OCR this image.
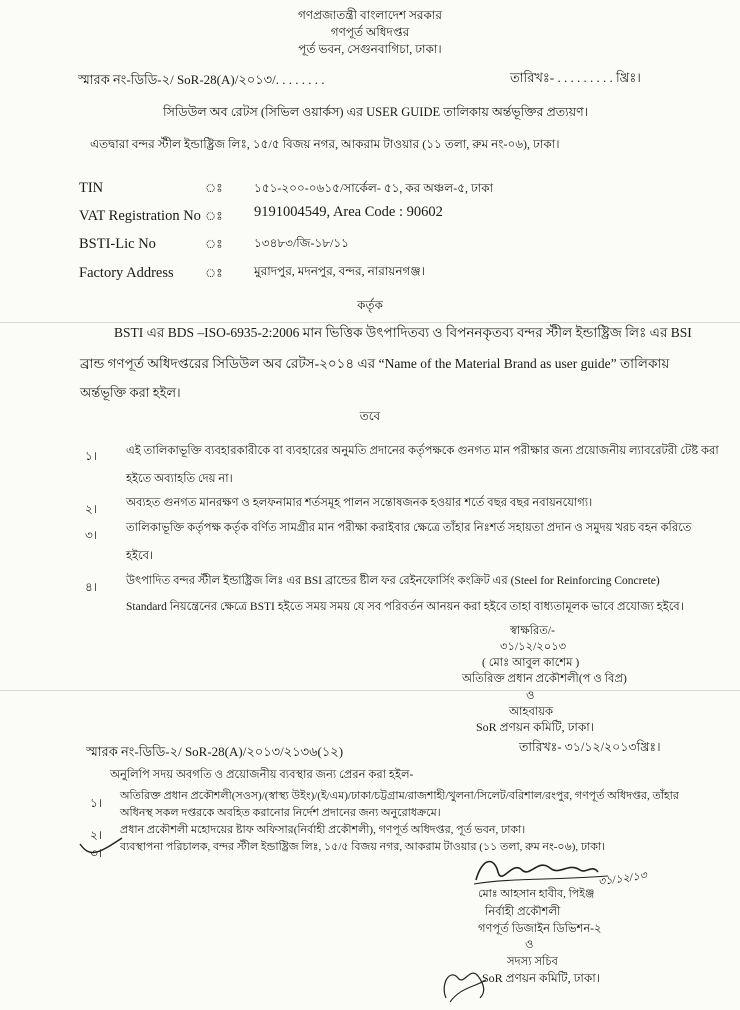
গণপ্রজাতন্ত্রী বাংলাদেশ সরকার
গণপূর্ত অধিদপ্তর
পূর্ত ভবন, সেগুনবাগিচা, ঢাকা।
স্মারক নং-ডিডি-২/ SoR-28(A)/২০১৩/. . . . . . . .	তারিখঃ- . . . . . . . . . খ্রিঃ।
সিডিউল অব রেটস (সিভিল ওয়ার্কস) এর USER GUIDE তালিকায় অর্ন্তভূক্তির প্রত্যয়ণ।
এতদ্বারা বন্দর স্টীল ইন্ডাষ্ট্রিজ লিঃ, ১৫/৫ বিজয় নগর, আকরাম টাওয়ার (১১ তলা, রুম নং-০৬), ঢাকা।
TIN	ঃ	১৫১-২০০-০৬১৫/সার্কেল- ৫১, কর অঞ্চল-৫, ঢাকা
VAT Registration No ঃ 9191004549, Area Code : 90602
BSTI-Lic No	ঃ	১৩৪৮৩/জি-১৮/১১
Factory Address	ঃ	মুরাদপুর, মদনপুর, বন্দর, নারায়নগঞ্জ।
কর্তৃক
BSTI এর BDS –ISO-6935-2:2006 মান ভিত্তিক উৎপাদিতব্য ও বিপননকৃতব্য বন্দর স্টীল ইন্ডাষ্ট্রিজ লিঃ এর BSI
ব্রান্ড গণপূর্ত অধিদপ্তরের সিডিউল অব রেটস-২০১৪ এর “Name of the Material Brand as user guide” তালিকায়
অর্ন্তভূক্তি করা হইল।
তবে
১।	এই তালিকাভূক্তি ব্যবহারকারীকে বা ব্যবহারের অনুমতি প্রদানের কর্তৃপক্ষকে গুনগত মান পরীক্ষার জন্য প্রয়োজনীয় ল্যাবরেটরী টেষ্ট করা
হইতে অব্যাহতি দেয় না।
২।	অব্যহত গুনগত মানরক্ষণ ও হলফনামার শর্তসমূহ পালন সন্তোষজনক হওয়ার শর্তে বছর বছর নবায়নযোগ্য।
৩।	তালিকাভূক্তি কর্তৃপক্ষ কর্তৃক বর্ণিত সামগ্রীর মান পরীক্ষা করাইবার ক্ষেত্রে তাঁহার নিঃশর্ত সহায়তা প্রদান ও সমুদয় খরচ বহন করিতে
হইবে।
৪।	উৎপাদিত বন্দর স্টীল ইন্ডাষ্ট্রিজ লিঃ এর BSI ব্রান্ডের ষ্টীল ফর রেইনফোর্সিং কংক্রিট এর (Steel for Reinforcing Concrete)
Standard নিয়ন্ত্রেনের ক্ষেত্রে BSTI হইতে সময় সময় যে সব পরিবর্তন আনয়ন করা হইবে তাহা বাধ্যতামূলক ভাবে প্রযোজ্য হইবে।
স্বাক্ষরিত/-
৩১/১২/২০১৩
( মোঃ আবুল কাশেম )
অতিরিক্ত প্রধান প্রকৌশলী(প ও বিপ্র)
ও
আহবায়ক
SoR প্রণয়ন কমিটি, ঢাকা।
স্মারক নং-ডিডি-২/ SoR-28(A)/২০১৩/২১৩৬(১২)	তারিখঃ- ৩১/১২/২০১৩খ্রিঃ।
অনুলিপি সদয় অবগতি ও প্রয়োজনীয় ব্যবস্থার জন্য প্রেরন করা হইল-
১। অতিরিক্ত প্রধান প্রকৌশলী(সওস)/(স্বাস্থ্য উইং)/(ই/এম)/ঢাকা/চট্টগ্রাম/রাজশাহী/খুলনা/সিলেট/বরিশাল/রংপুর, গণপূর্ত অধিদপ্তর, তাঁহার
অধিনস্থ সকল দপ্তরকে অবহিত করানোর নির্দেশ প্রদানের জন্য অনুরোধক্রমে।
২। প্রধান প্রকৌশলী মহোদয়ের ষ্টাফ অফিসার(নির্বাহী প্রকৌশলী), গণপূর্ত অধিদপ্তর, পূর্ত ভবন, ঢাকা।
৩। ব্যবস্থাপনা পরিচালক, বন্দর স্টীল ইন্ডাষ্ট্রিজ লিঃ, ১৫/৫ বিজয় নগর, আকরাম টাওয়ার (১১ তলা, রুম নং-০৬), ঢাকা।
৩১/১২/১৩
মোঃ আহসান হাবীব, পিইঞ্জ
নির্বাহী প্রকৌশলী
গণপূর্ত ডিজাইন ডিভিশন-২
ও
সদস্য সচিব
SoR প্রণয়ন কমিটি, ঢাকা।
